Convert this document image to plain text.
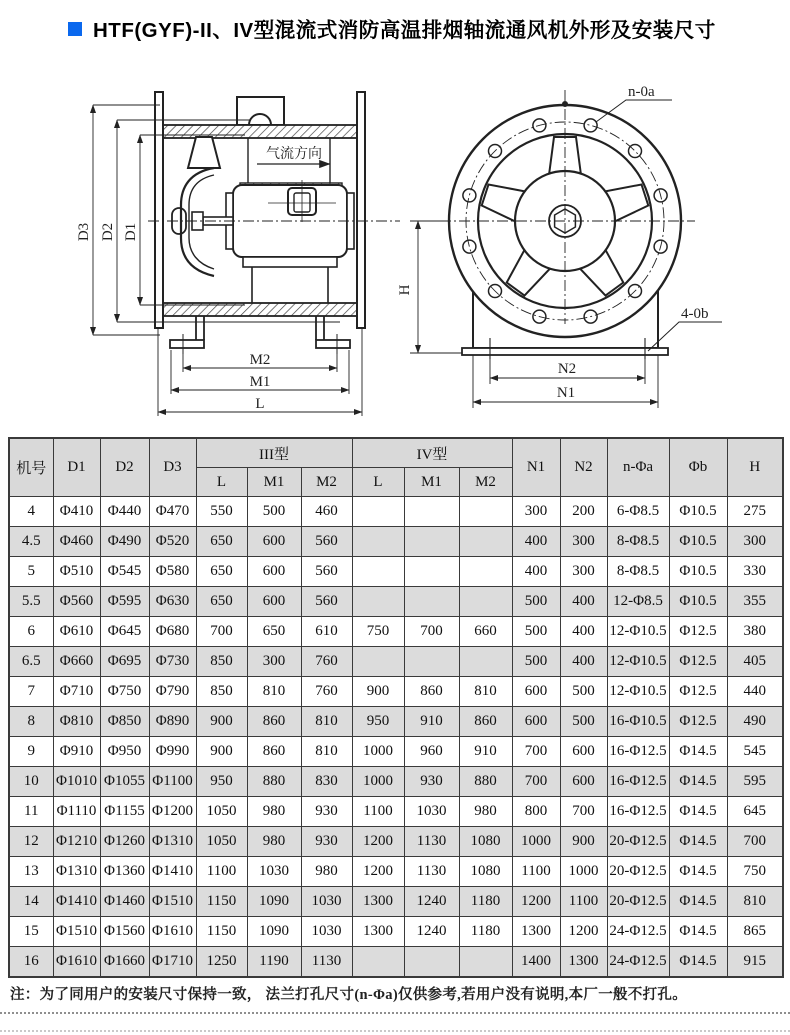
HTF(GYF)-II、IV型混流式消防高温排烟轴流通风机外形及安装尺寸
气流方向
D3 D2 D1
M2
M1
L
n-0a
4-0b
H
N2
N1
机号	D1	D2	D3	III型			IV型			N1	N2	n-Φa	Φb	H
				L	M1	M2	L	M1	M2					
4	Φ410	Φ440	Φ470	550	500	460				300	200	6-Φ8.5	Φ10.5	275
4.5	Φ460	Φ490	Φ520	650	600	560				400	300	8-Φ8.5	Φ10.5	300
5	Φ510	Φ545	Φ580	650	600	560				400	300	8-Φ8.5	Φ10.5	330
5.5	Φ560	Φ595	Φ630	650	600	560				500	400	12-Φ8.5	Φ10.5	355
6	Φ610	Φ645	Φ680	700	650	610	750	700	660	500	400	12-Φ10.5	Φ12.5	380
6.5	Φ660	Φ695	Φ730	850	300	760				500	400	12-Φ10.5	Φ12.5	405
7	Φ710	Φ750	Φ790	850	810	760	900	860	810	600	500	12-Φ10.5	Φ12.5	440
8	Φ810	Φ850	Φ890	900	860	810	950	910	860	600	500	16-Φ10.5	Φ12.5	490
9	Φ910	Φ950	Φ990	900	860	810	1000	960	910	700	600	16-Φ12.5	Φ14.5	545
10	Φ1010	Φ1055	Φ1100	950	880	830	1000	930	880	700	600	16-Φ12.5	Φ14.5	595
11	Φ1110	Φ1155	Φ1200	1050	980	930	1100	1030	980	800	700	16-Φ12.5	Φ14.5	645
12	Φ1210	Φ1260	Φ1310	1050	980	930	1200	1130	1080	1000	900	20-Φ12.5	Φ14.5	700
13	Φ1310	Φ1360	Φ1410	1100	1030	980	1200	1130	1080	1100	1000	20-Φ12.5	Φ14.5	750
14	Φ1410	Φ1460	Φ1510	1150	1090	1030	1300	1240	1180	1200	1100	20-Φ12.5	Φ14.5	810
15	Φ1510	Φ1560	Φ1610	1150	1090	1030	1300	1240	1180	1300	1200	24-Φ12.5	Φ14.5	865
16	Φ1610	Φ1660	Φ1710	1250	1190	1130				1400	1300	24-Φ12.5	Φ14.5	915
注：为了同用户的安装尺寸保持一致， 法兰打孔尺寸(n-Φa)仅供参考,若用户没有说明,本厂一般不打孔。
